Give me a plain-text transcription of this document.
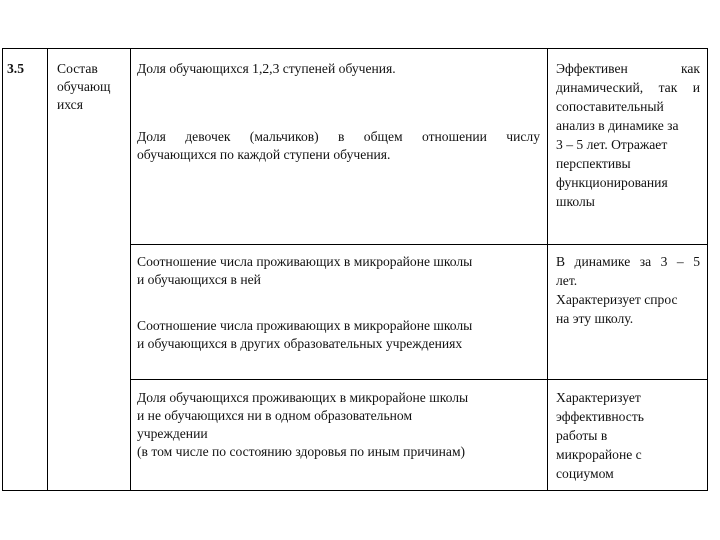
3.5 Состав
обучающ
ихся
Доля обучающихся 1,2,3 ступеней обучения.
Доля девочек (мальчиков) в общем отношении числу
обучающихся по каждой ступени обучения.
Соотношение числа проживающих в микрорайоне школы
и обучающихся в ней
Соотношение числа проживающих в микрорайоне школы
и обучающихся в других образовательных учреждениях
Доля обучающихся проживающих в микрорайоне школы
и не обучающихся ни в одном образовательном
учреждении
(в том числе по состоянию здоровья по иным причинам)
Эффективен как
динамический, так и
сопоставительный
анализ в динамике за
3 – 5 лет. Отражает
перспективы
функционирования
школы
В динамике за 3 – 5
лет.
Характеризует спрос
на эту школу.
Характеризует
эффективность
работы в
микрорайоне с
социумом
